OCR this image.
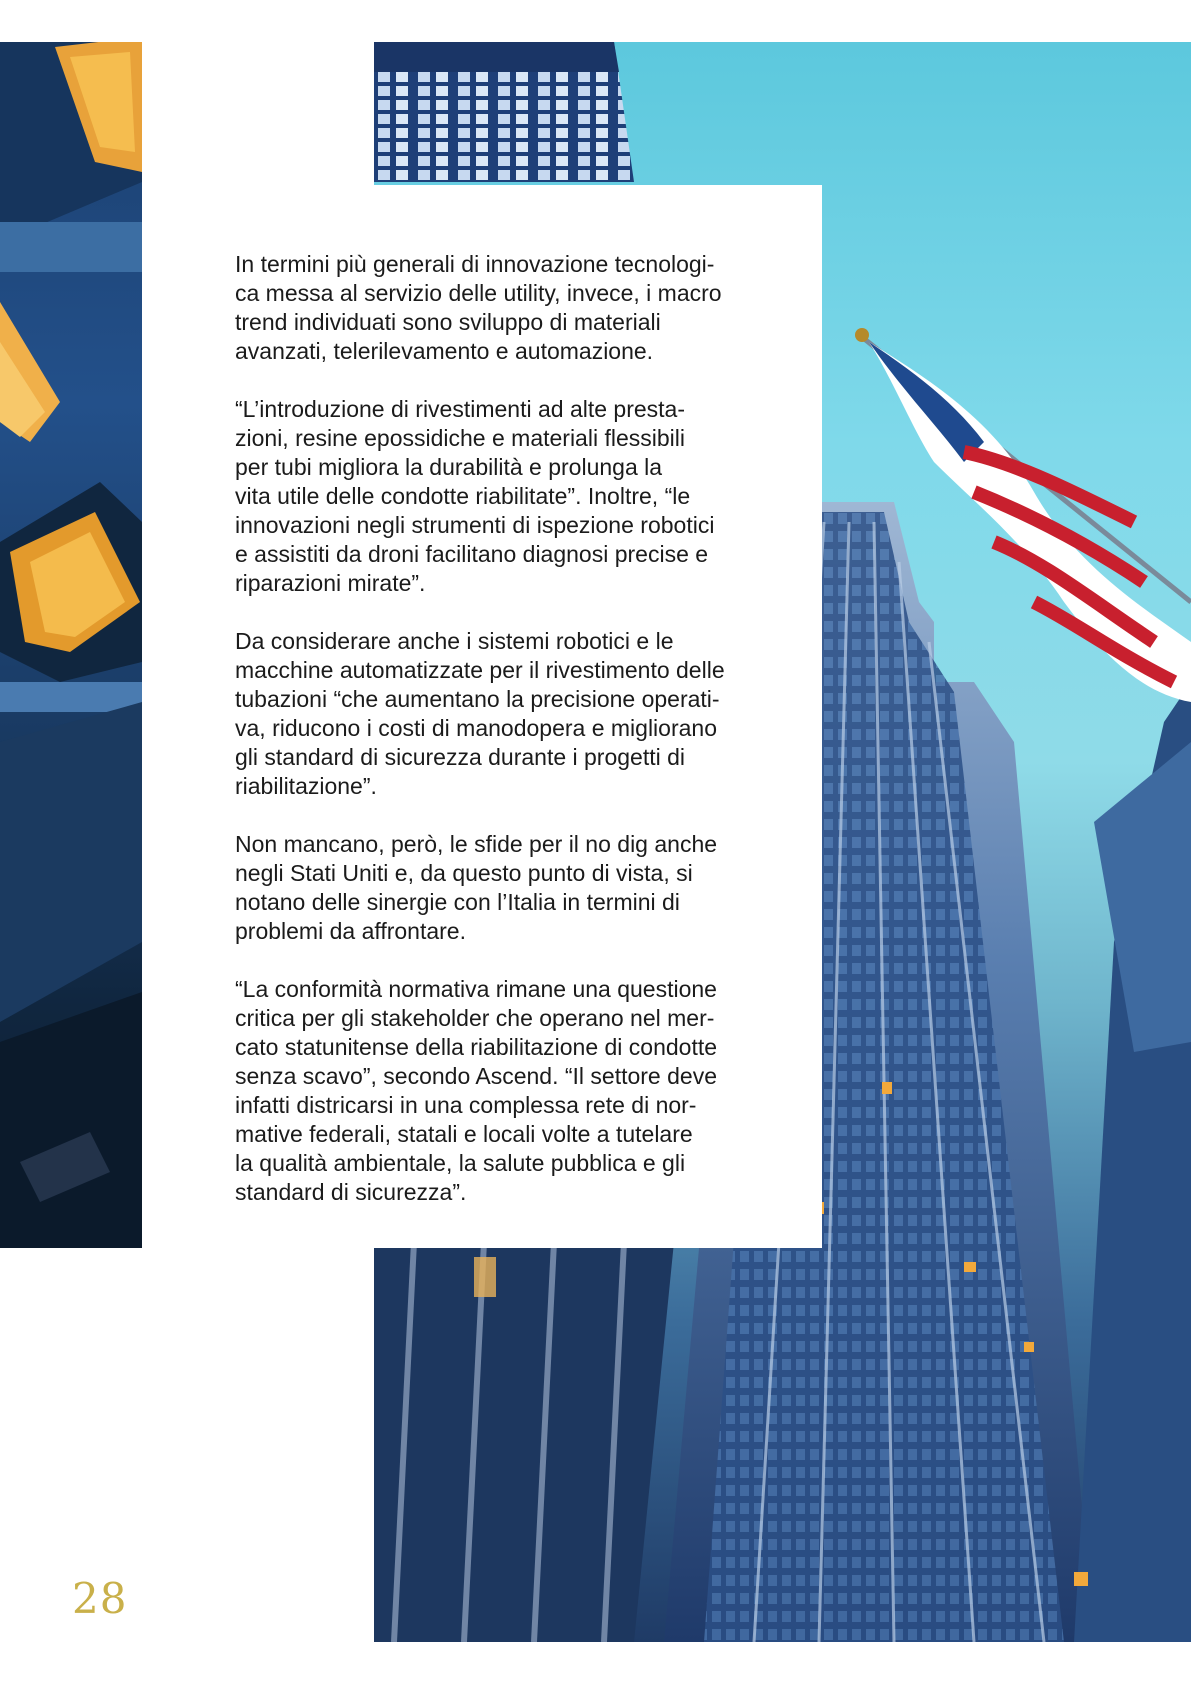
In termini più generali di innovazione tecnologi-
ca messa al servizio delle utility, invece, i macro
trend individuati sono sviluppo di materiali
avanzati, telerilevamento e automazione.

“L’introduzione di rivestimenti ad alte presta-
zioni, resine epossidiche e materiali flessibili
per tubi migliora la durabilità e prolunga la
vita utile delle condotte riabilitate”. Inoltre, “le
innovazioni negli strumenti di ispezione robotici
e assistiti da droni facilitano diagnosi precise e
riparazioni mirate”.

Da considerare anche i sistemi robotici e le
macchine automatizzate per il rivestimento delle
tubazioni “che aumentano la precisione operati-
va, riducono i costi di manodopera e migliorano
gli standard di sicurezza durante i progetti di
riabilitazione”.

Non mancano, però, le sfide per il no dig anche
negli Stati Uniti e, da questo punto di vista, si
notano delle sinergie con l’Italia in termini di
problemi da affrontare.

“La conformità normativa rimane una questione
critica per gli stakeholder che operano nel mer-
cato statunitense della riabilitazione di condotte
senza scavo”, secondo Ascend. “Il settore deve
infatti districarsi in una complessa rete di nor-
mative federali, statali e locali volte a tutelare
la qualità ambientale, la salute pubblica e gli
standard di sicurezza”.

28
